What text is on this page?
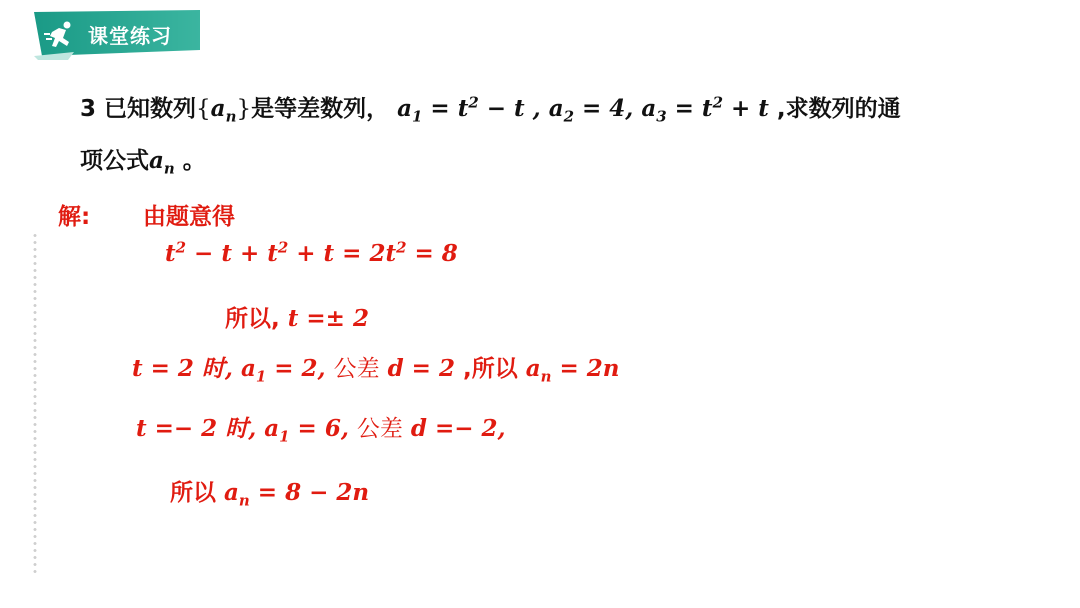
课堂练习
3 已知数列$\{a_n\}$是等差数列， $a_1 = t^2 - t$ , $a_2 = 4$, $a_3 = t^2 + t$ ,求数列的通
项公式$a_n$ 。
解: 由题意得
$t^2 - t + t^2 + t = 2t^2 = 8$
所以, t =± 2
t = 2 时, $a_1 = 2$, 公差 d = 2 ,所以 $a_n = 2n$
t =− 2 时, $a_1 = 6$, 公差 d =− 2,
所以 $a_n = 8 - 2n$
